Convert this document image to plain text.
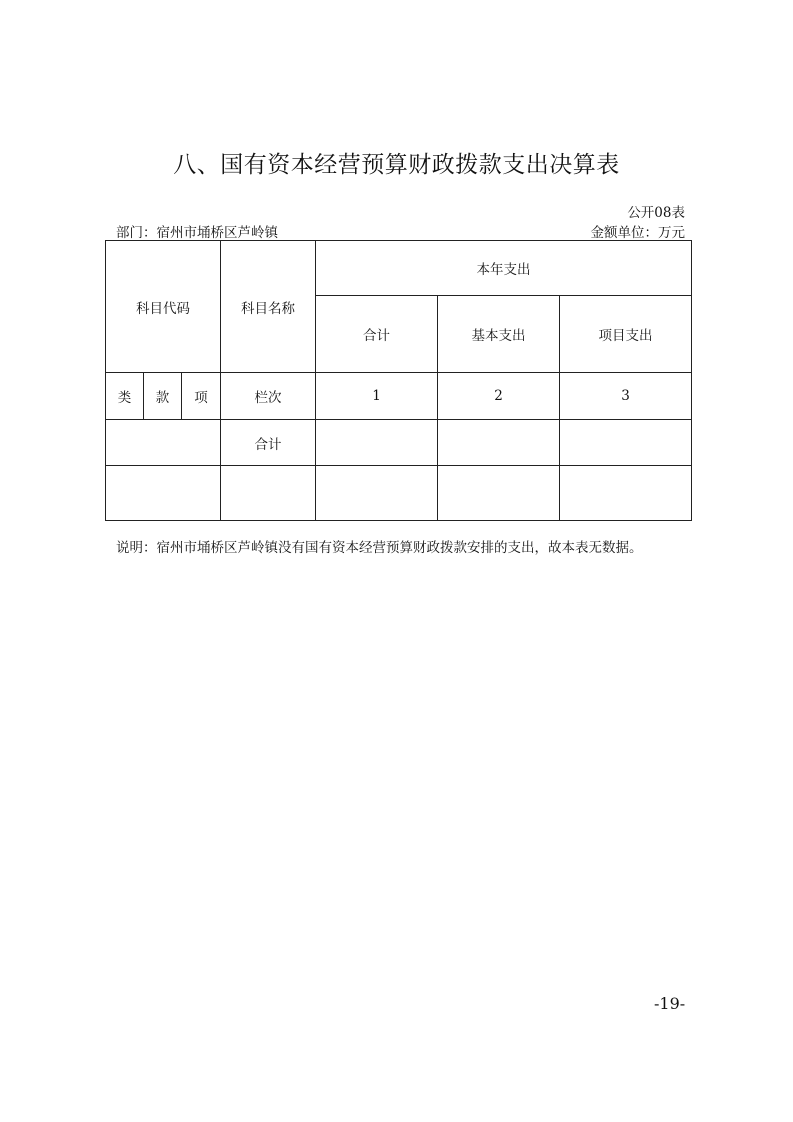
八、国有资本经营预算财政拨款支出决算表
公开08表
部门：宿州市埇桥区芦岭镇	金额单位：万元
科目代码			科目名称	本年支出		
				合计	基本支出	项目支出
类	款	项	栏次	1	2	3
			合计			

说明：宿州市埇桥区芦岭镇没有国有资本经营预算财政拨款安排的支出，故本表无数据。
-19-
